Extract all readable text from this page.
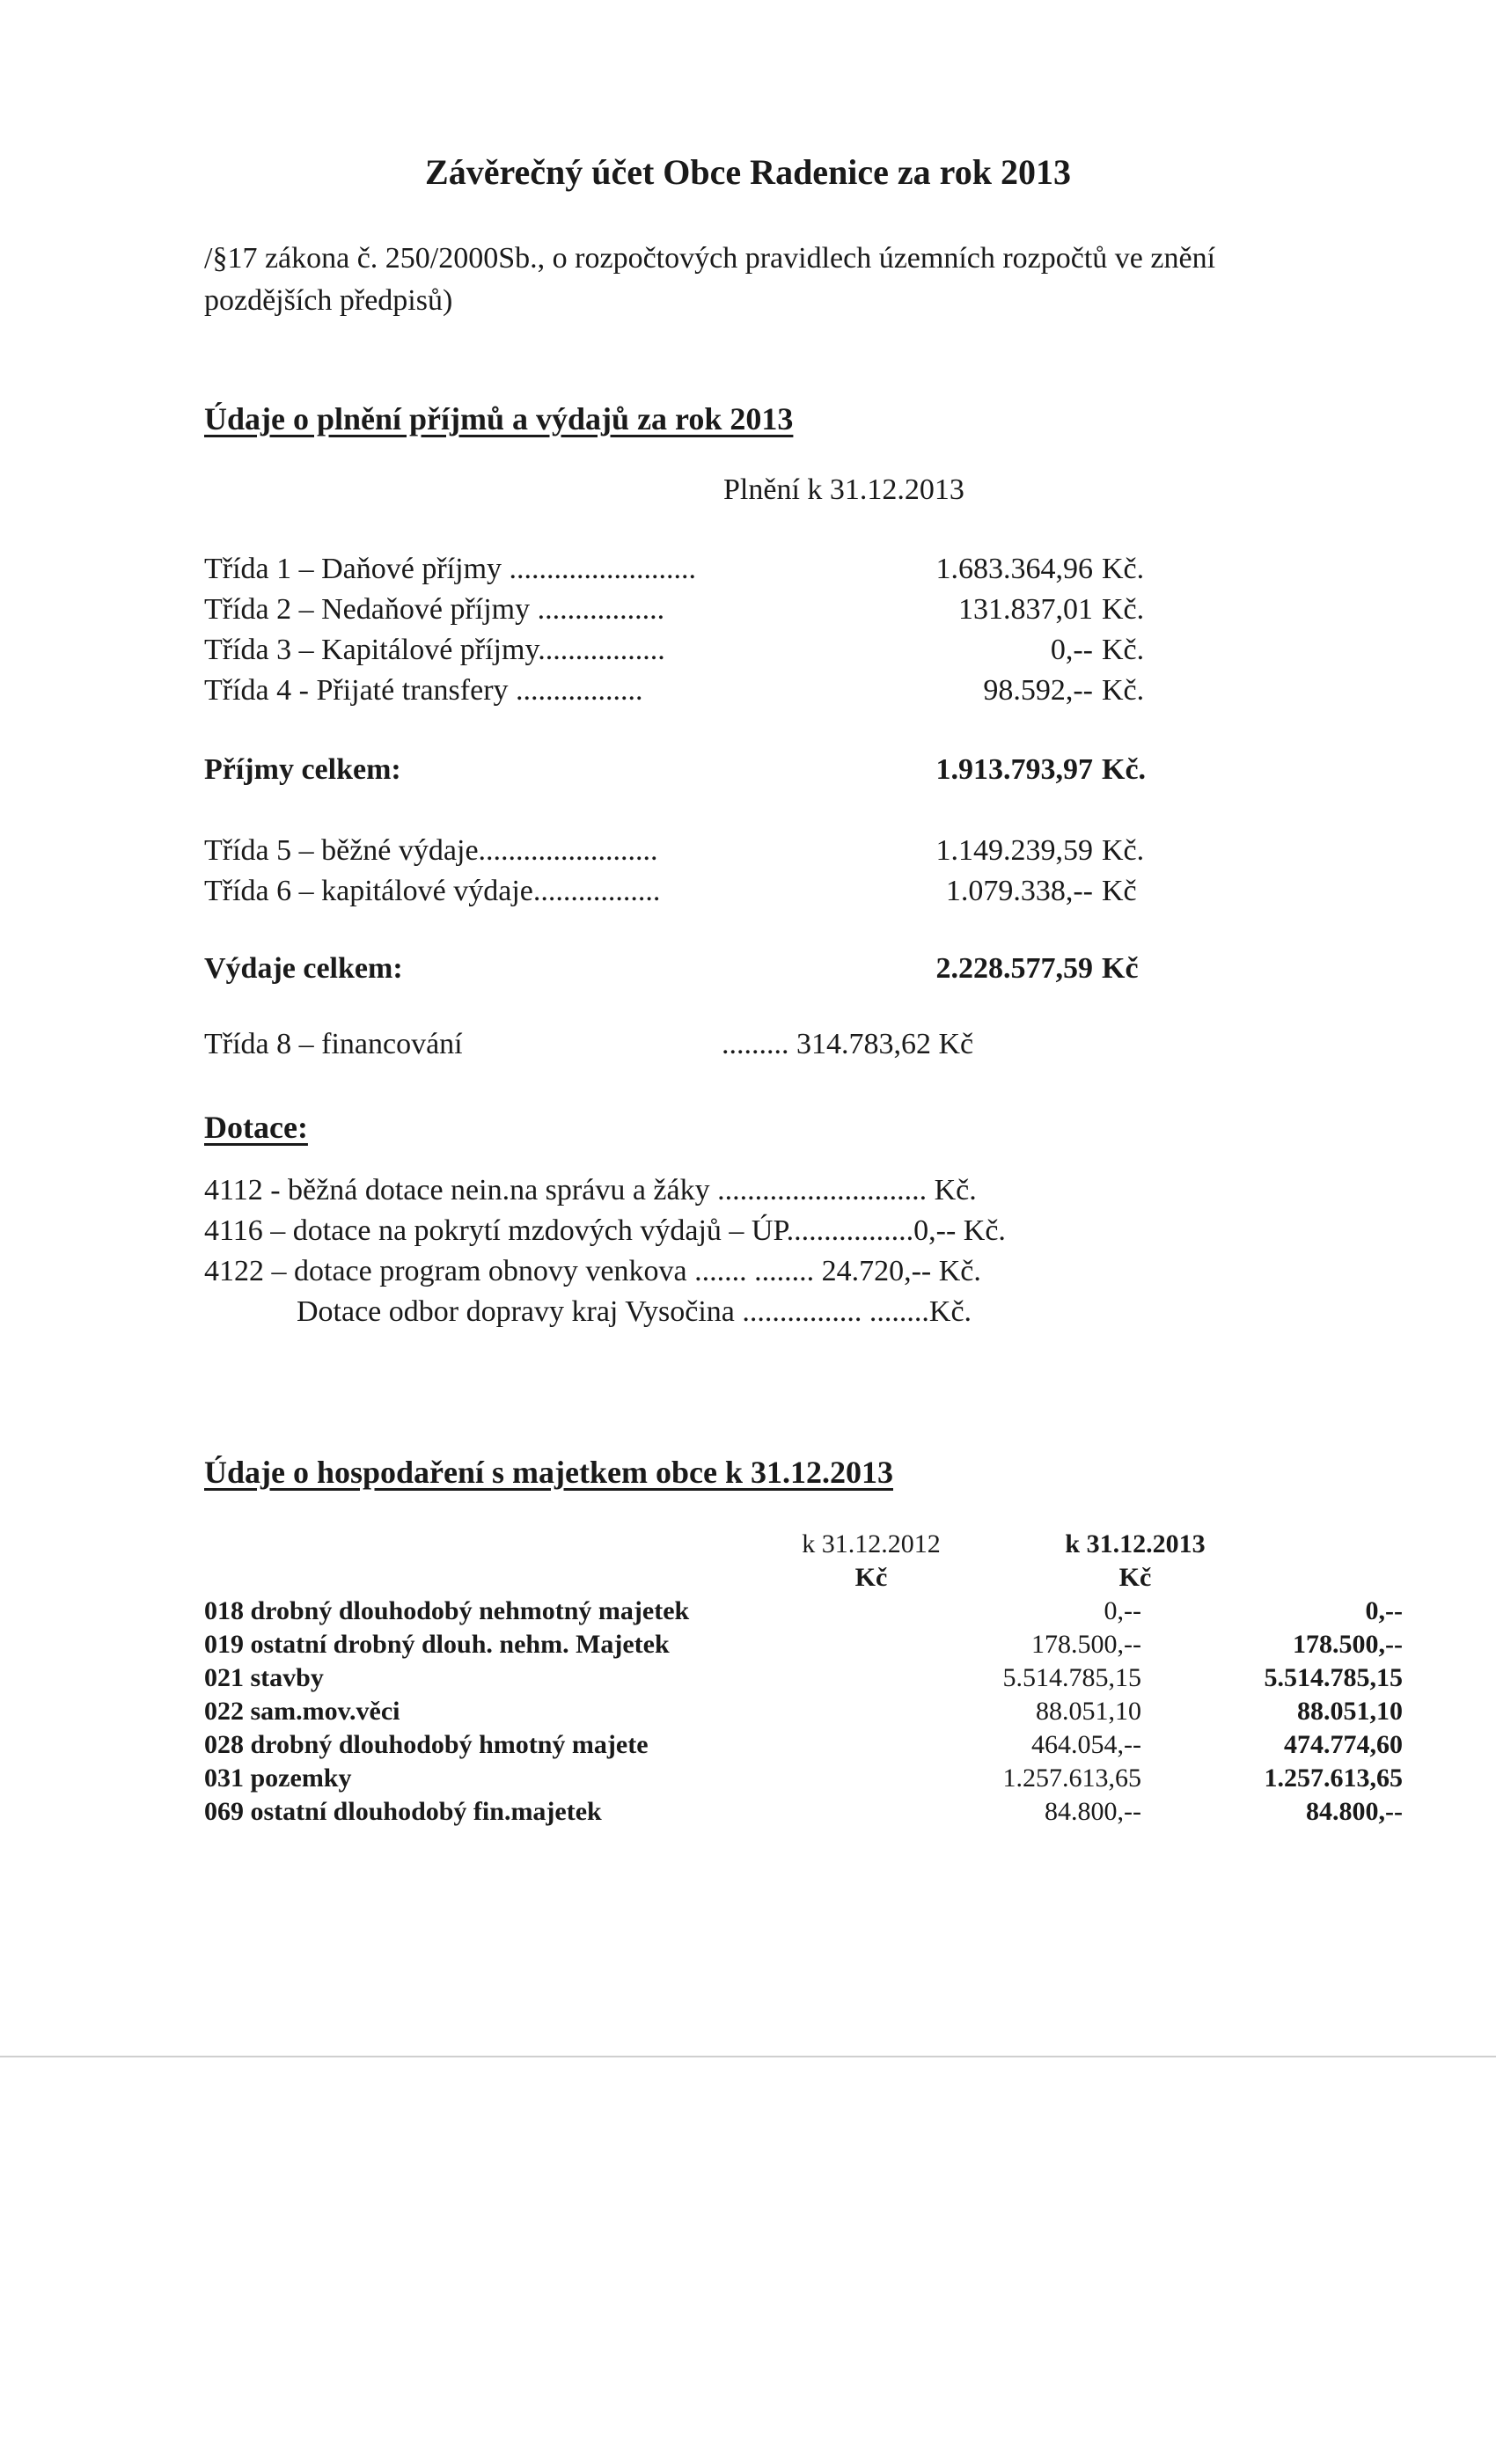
Závěrečný účet Obce Radenice za rok 2013
/§17 zákona č. 250/2000Sb., o rozpočtových pravidlech územních rozpočtů ve znění pozdějších předpisů)
Údaje o plnění příjmů a výdajů za rok 2013
Plnění k 31.12.2013
Třída 1 – Daňové příjmy .........................	1.683.364,96 Kč.
Třída 2 – Nedaňové příjmy .................	131.837,01 Kč.
Třída 3 – Kapitálové příjmy.................	0,-- Kč.
Třída 4 - Přijaté transfery .................	98.592,-- Kč.
Příjmy celkem:	1.913.793,97 Kč.
Třída 5 – běžné výdaje........................	1.149.239,59 Kč.
Třída 6 – kapitálové výdaje.................	1.079.338,-- Kč
Výdaje celkem:	2.228.577,59 Kč
Třída 8 – financování	......... 314.783,62 Kč
Dotace:
4112 - běžná dotace nein.na správu a žáky ............................ Kč.
4116 – dotace na pokrytí mzdových výdajů – ÚP.................0,-- Kč.
4122 – dotace program obnovy venkova ....... ........ 24.720,-- Kč.
Dotace odbor dopravy kraj Vysočina ................ ........Kč.
Údaje o hospodaření s majetkem obce k 31.12.2013
k 31.12.2012
Kč
k 31.12.2013
Kč
018 drobný dlouhodobý nehmotný majetek	0,--	0,--
019 ostatní drobný dlouh. nehm. Majetek	178.500,--	178.500,--
021 stavby	5.514.785,15	5.514.785,15
022 sam.mov.věci	88.051,10	88.051,10
028 drobný dlouhodobý hmotný majete	464.054,--	474.774,60
031 pozemky	1.257.613,65	1.257.613,65
069 ostatní dlouhodobý fin.majetek	84.800,--	84.800,--
